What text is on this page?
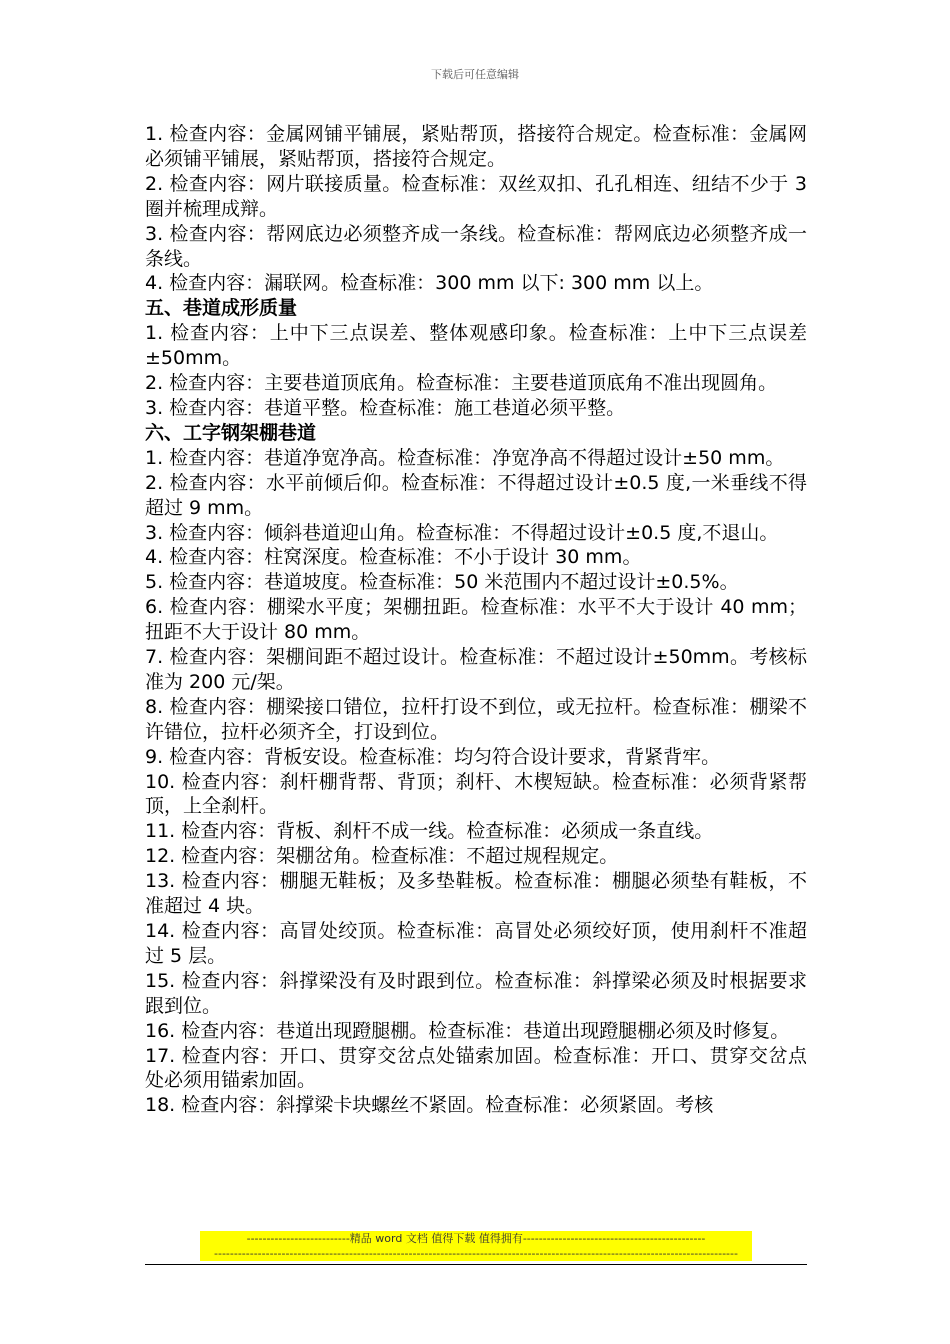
下载后可任意编辑

1. 检查内容：金属网铺平铺展，紧贴帮顶，搭接符合规定。检查标准：金属网必须铺平铺展，紧贴帮顶，搭接符合规定。

2. 检查内容：网片联接质量。检查标准：双丝双扣、孔孔相连、纽结不少于 3 圈并梳理成辩。

3. 检查内容：帮网底边必须整齐成一条线。检查标准：帮网底边必须整齐成一条线。

4. 检查内容：漏联网。检查标准：300 mm 以下: 300 mm 以上。

五、巷道成形质量

1. 检查内容：上中下三点误差、整体观感印象。检查标准：上中下三点误差±50mm。

2. 检查内容：主要巷道顶底角。检查标准：主要巷道顶底角不准出现圆角。

3. 检查内容：巷道平整。检查标准：施工巷道必须平整。

六、工字钢架棚巷道

1. 检查内容：巷道净宽净高。检查标准：净宽净高不得超过设计±50 mm。

2. 检查内容：水平前倾后仰。检查标准：不得超过设计±0.5 度,一米垂线不得超过 9 mm。

3. 检查内容：倾斜巷道迎山角。检查标准：不得超过设计±0.5 度,不退山。

4. 检查内容：柱窝深度。检查标准：不小于设计 30 mm。

5. 检查内容：巷道坡度。检查标准：50 米范围内不超过设计±0.5%。

6. 检查内容：棚梁水平度；架棚扭距。检查标准：水平不大于设计 40 mm；扭距不大于设计 80 mm。

7. 检查内容：架棚间距不超过设计。检查标准：不超过设计±50mm。考核标准为 200 元/架。

8. 检查内容：棚梁接口错位，拉杆打设不到位，或无拉杆。检查标准：棚梁不许错位，拉杆必须齐全，打设到位。

9. 检查内容：背板安设。检查标准：均匀符合设计要求，背紧背牢。

10. 检查内容：刹杆棚背帮、背顶；刹杆、木楔短缺。检查标准：必须背紧帮顶，上全刹杆。

11. 检查内容：背板、刹杆不成一线。检查标准：必须成一条直线。

12. 检查内容：架棚岔角。检查标准：不超过规程规定。

13. 检查内容：棚腿无鞋板；及多垫鞋板。检查标准：棚腿必须垫有鞋板，不准超过 4 块。

14. 检查内容：高冒处绞顶。检查标准：高冒处必须绞好顶，使用刹杆不准超过 5 层。

15. 检查内容：斜撑梁没有及时跟到位。检查标准：斜撑梁必须及时根据要求跟到位。

16. 检查内容：巷道出现蹬腿棚。检查标准：巷道出现蹬腿棚必须及时修复。

17. 检查内容：开口、贯穿交岔点处锚索加固。检查标准：开口、贯穿交岔点处必须用锚索加固。

18. 检查内容：斜撑梁卡块螺丝不紧固。检查标准：必须紧固。考核

--------------------------精品 word 文档 值得下载 值得拥有----------------------------------------------
------------------------------------------------------------------------------------------------------------------------------------
